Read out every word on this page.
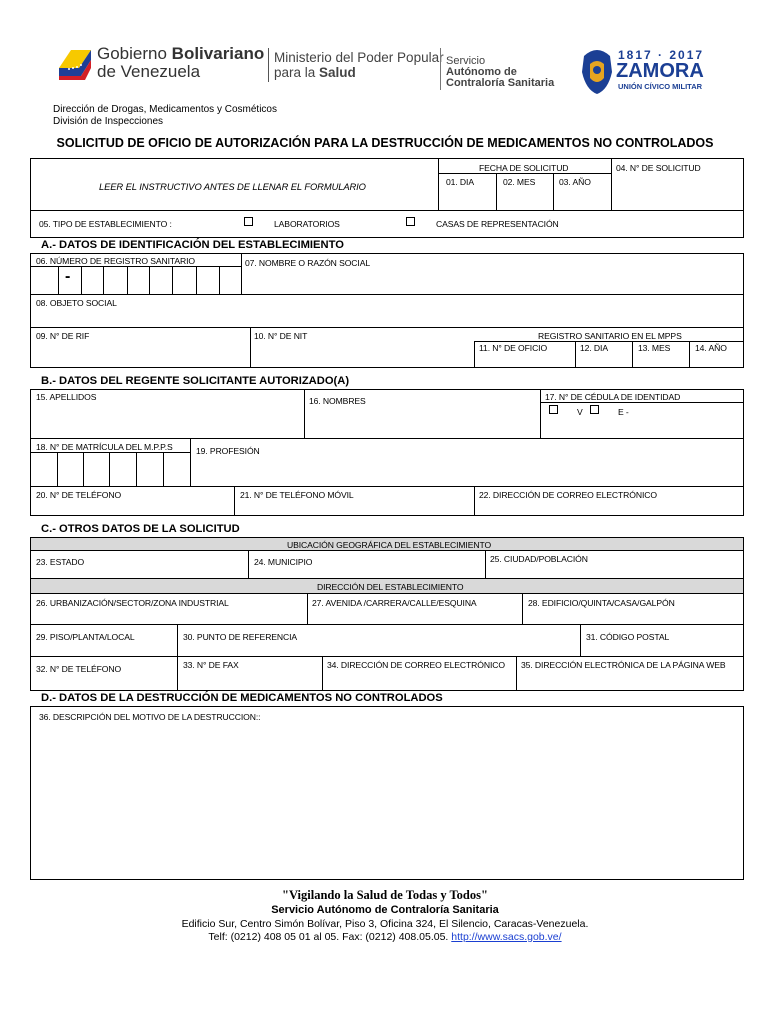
Gobierno Bolivariano
de Venezuela
Ministerio del Poder Popular
para la Salud
Servicio
Autónomo de
Contraloría Sanitaria
1817 · 2017
ZAMORA
UNIÓN CÍVICO MILITAR
Dirección de Drogas, Medicamentos y Cosméticos
División de Inspecciones
SOLICITUD DE OFICIO DE AUTORIZACIÓN PARA LA DESTRUCCIÓN DE MEDICAMENTOS NO CONTROLADOS
FECHA DE SOLICITUD
01. DIA	02. MES	03. AÑO
04. N° DE SOLICITUD
LEER EL INSTRUCTIVO ANTES DE LLENAR EL FORMULARIO
05. TIPO DE ESTABLECIMIENTO :	LABORATORIOS	CASAS DE REPRESENTACIÓN
A.- DATOS DE IDENTIFICACIÓN DEL ESTABLECIMIENTO
06. NÚMERO DE REGISTRO SANITARIO
-
07. NOMBRE O RAZÓN SOCIAL
08. OBJETO SOCIAL
09. N° DE RIF	10. N° DE NIT	REGISTRO SANITARIO EN EL MPPS
11. N° DE OFICIO	12. DIA	13. MES	14. AÑO
B.- DATOS DEL REGENTE SOLICITANTE AUTORIZADO(A)
15. APELLIDOS	16. NOMBRES	17. N° DE CÉDULA DE IDENTIDAD
V	E -
18. N° DE MATRÍCULA DEL M.P.P.S	19. PROFESIÓN
20. N° DE TELÉFONO	21. N° DE TELÉFONO MÓVIL	22. DIRECCIÓN DE CORREO ELECTRÓNICO
C.- OTROS DATOS DE LA SOLICITUD
UBICACIÓN GEOGRÁFICA DEL ESTABLECIMIENTO
23. ESTADO	24. MUNICIPIO	25. CIUDAD/POBLACIÓN
DIRECCIÓN DEL ESTABLECIMIENTO
26. URBANIZACIÓN/SECTOR/ZONA INDUSTRIAL	27. AVENIDA /CARRERA/CALLE/ESQUINA	28. EDIFICIO/QUINTA/CASA/GALPÓN
29. PISO/PLANTA/LOCAL	30. PUNTO DE REFERENCIA	31. CÓDIGO POSTAL
32. N° DE TELÉFONO	33. N° DE FAX	34. DIRECCIÓN DE CORREO ELECTRÓNICO 35. DIRECCIÓN ELECTRÓNICA DE LA PÁGINA WEB
D.- DATOS DE LA DESTRUCCIÓN DE MEDICAMENTOS NO CONTROLADOS
36. DESCRIPCIÓN DEL MOTIVO DE LA DESTRUCCION::
"Vigilando la Salud de Todas y Todos"
Servicio Autónomo de Contraloría Sanitaria
Edificio Sur, Centro Simón Bolívar, Piso 3, Oficina 324, El Silencio, Caracas-Venezuela.
Telf: (0212) 408 05 01 al 05. Fax: (0212) 408.05.05. http://www.sacs.gob.ve/
